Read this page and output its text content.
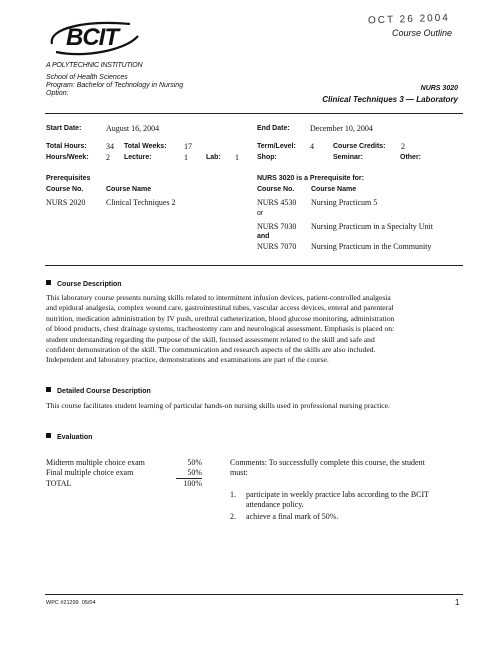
BCIT
A POLYTECHNIC INSTITUTION
OCT 26 2004
Course Outline
School of Health Sciences
Program: Bachelor of Technology in Nursing
Option:
NURS 3020
Clinical Techniques 3 — Laboratory
Start Date:	August 16, 2004	End Date:	December 10, 2004
Total Hours: 34 Total Weeks: 17	Term/Level: 4	Course Credits: 2
Hours/Week: 2 Lecture:	1	Lab: 1	Shop:	Seminar:	Other:
Prerequisites
Course No.	Course Name
NURS 2020	Clinical Techniques 2
NURS 3020 is a Prerequisite for:
Course No. Course Name
NURS 4530 Nursing Practicum 5
or
NURS 7030 Nursing Practicum in a Specialty Unit
and
NURS 7070 Nursing Practicum in the Community
Course Description
This laboratory course presents nursing skills related to intermittent infusion devices, patient-controlled analgesia
and epidural analgesia, complex wound care, gastrointestinal tubes, vascular access devices, enteral and parenteral
nutrition, medication administration by IV push, urethral catheterization, blood glucose monitoring, administration
of blood products, chest drainage systems, tracheostomy care and neurological assessment. Emphasis is placed on:
student understanding regarding the purpose of the skill, focused assessment related to the skill and safe and
confident demonstration of the skill. The communication and research aspects of the skills are also included.
Independent and laboratory practice, demonstrations and examinations are part of the course.
Detailed Course Description
This course facilitates student learning of particular hands-on nursing skills used in professional nursing practice.
Evaluation
Midterm multiple choice exam	50%
Final multiple choice exam	50%
TOTAL	100%
Comments: To successfully complete this course, the student
must:
1. participate in weekly practice labs according to the BCIT
attendance policy.
2. achieve a final mark of 50%.
WPC #21299 05/04	1
